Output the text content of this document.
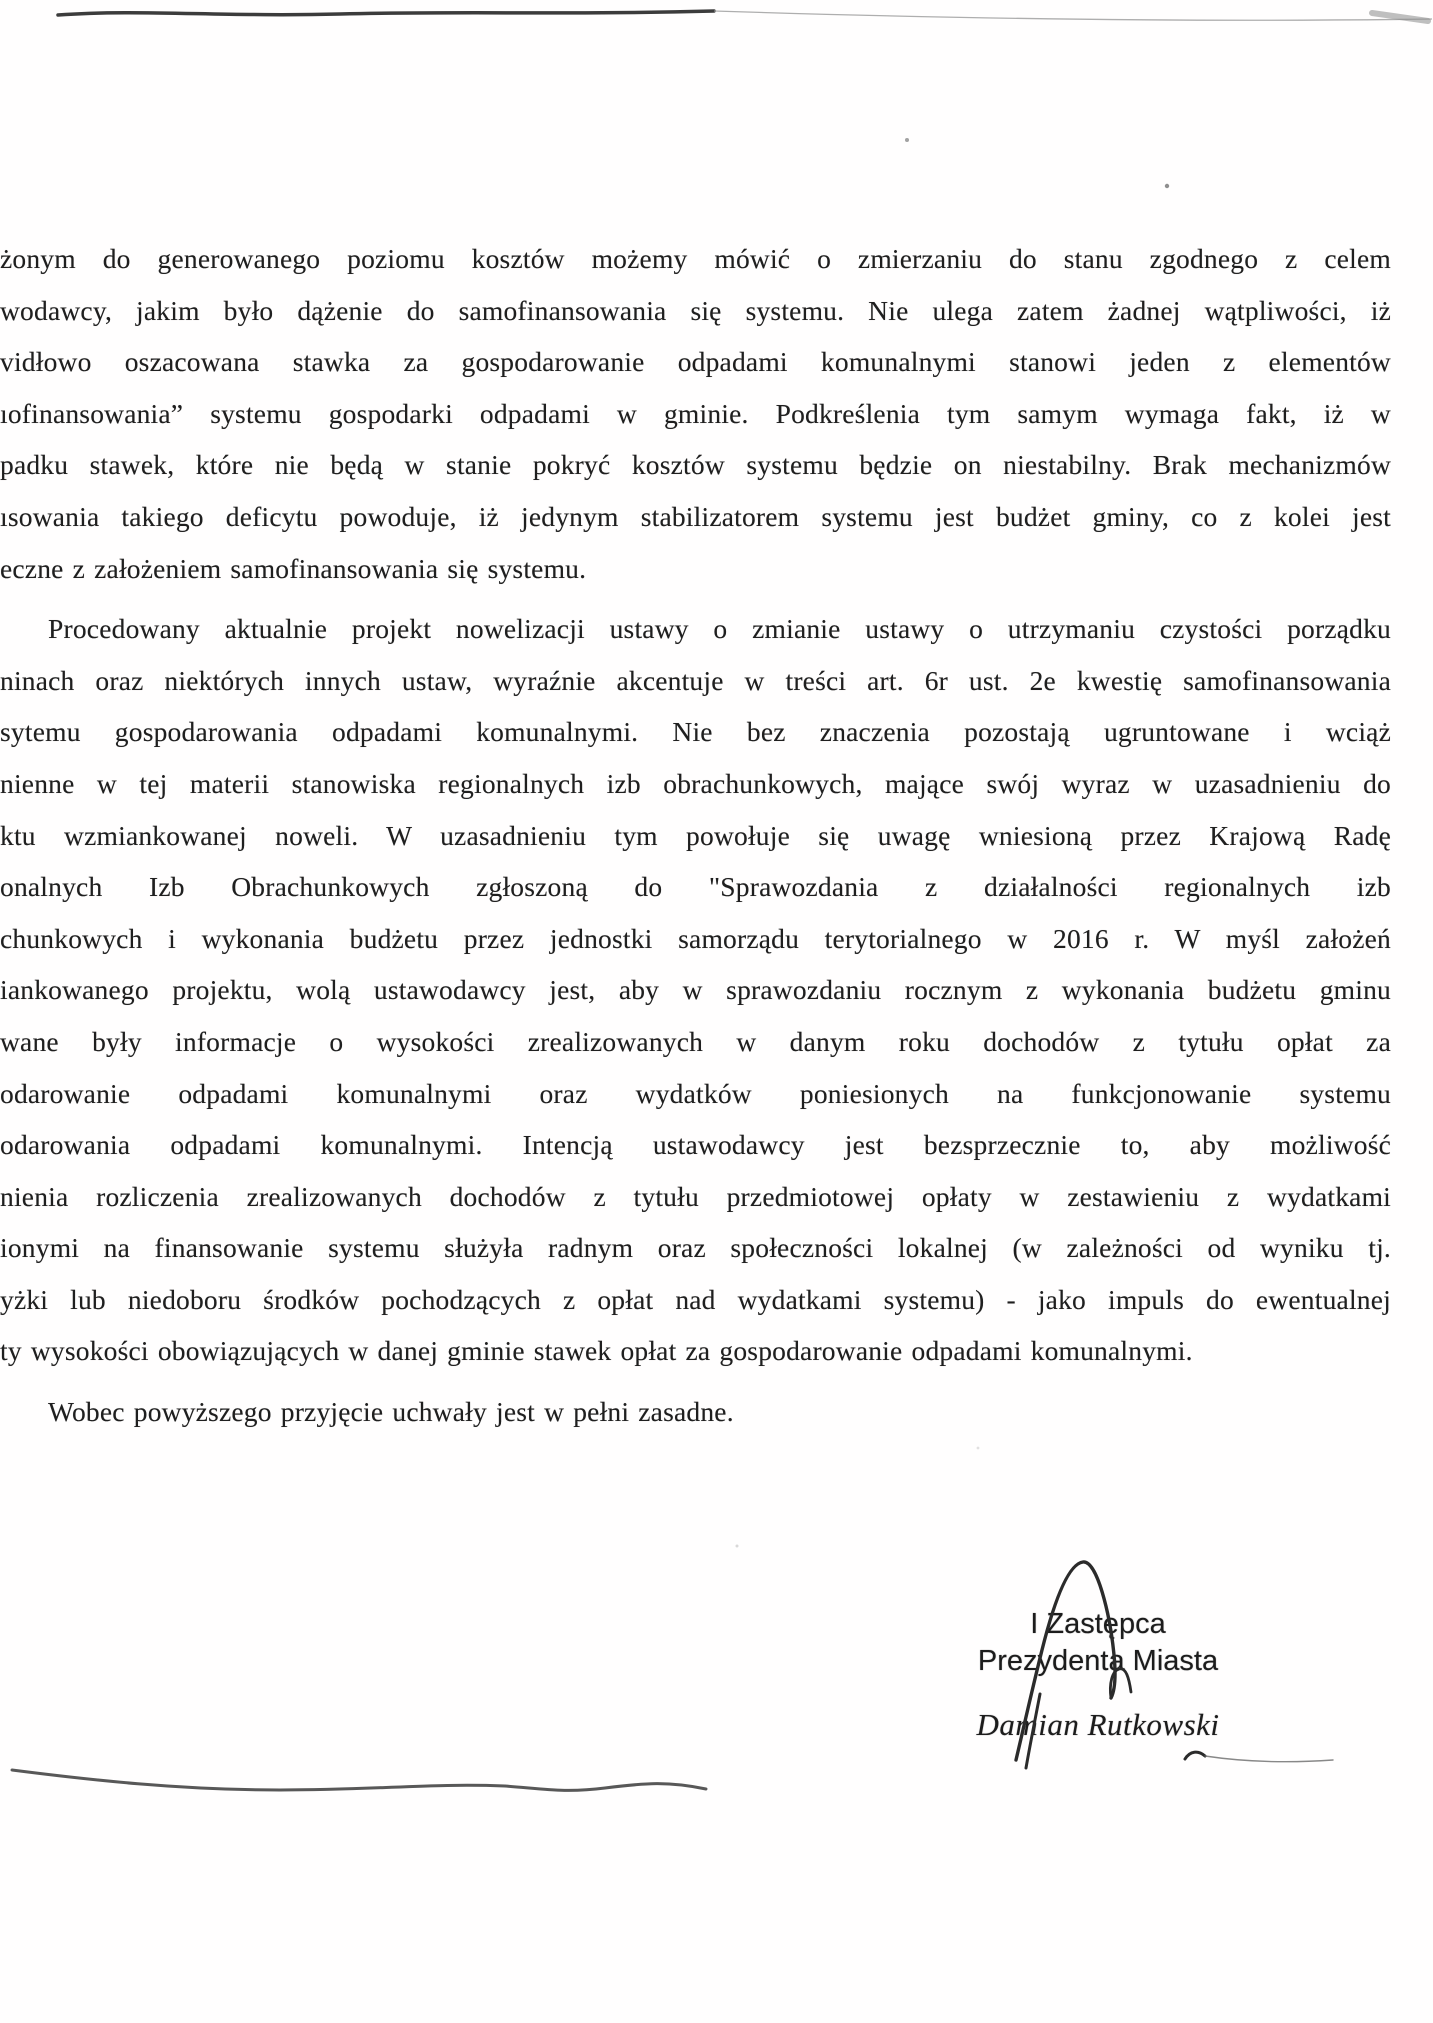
żonym do generowanego poziomu kosztów możemy mówić o zmierzaniu do stanu zgodnego z celem
wodawcy, jakim było dążenie do samofinansowania się systemu. Nie ulega zatem żadnej wątpliwości, iż
vidłowo oszacowana stawka za gospodarowanie odpadami komunalnymi stanowi jeden z elementów
ıofinansowania” systemu gospodarki odpadami w gminie. Podkreślenia tym samym wymaga fakt, iż w
padku stawek, które nie będą w stanie pokryć kosztów systemu będzie on niestabilny. Brak mechanizmów
ısowania takiego deficytu powoduje, iż jedynym stabilizatorem systemu jest budżet gminy, co z kolei jest
eczne z założeniem samofinansowania się systemu.
Procedowany aktualnie projekt nowelizacji ustawy o zmianie ustawy o utrzymaniu czystości porządku
ninach oraz niektórych innych ustaw, wyraźnie akcentuje w treści art. 6r ust. 2e kwestię samofinansowania
sytemu gospodarowania odpadami komunalnymi. Nie bez znaczenia pozostają ugruntowane i wciąż
nienne w tej materii stanowiska regionalnych izb obrachunkowych, mające swój wyraz w uzasadnieniu do
ktu wzmiankowanej noweli. W uzasadnieniu tym powołuje się uwagę wniesioną przez Krajową Radę
onalnych Izb Obrachunkowych zgłoszoną do "Sprawozdania z działalności regionalnych izb
chunkowych i wykonania budżetu przez jednostki samorządu terytorialnego w 2016 r. W myśl założeń
iankowanego projektu, wolą ustawodawcy jest, aby w sprawozdaniu rocznym z wykonania budżetu gminu
wane były informacje o wysokości zrealizowanych w danym roku dochodów z tytułu opłat za
odarowanie odpadami komunalnymi oraz wydatków poniesionych na funkcjonowanie systemu
odarowania odpadami komunalnymi. Intencją ustawodawcy jest bezsprzecznie to, aby możliwość
nienia rozliczenia zrealizowanych dochodów z tytułu przedmiotowej opłaty w zestawieniu z wydatkami
ionymi na finansowanie systemu służyła radnym oraz społeczności lokalnej (w zależności od wyniku tj.
yżki lub niedoboru środków pochodzących z opłat nad wydatkami systemu) - jako impuls do ewentualnej
ty wysokości obowiązujących w danej gminie stawek opłat za gospodarowanie odpadami komunalnymi.
Wobec powyższego przyjęcie uchwały jest w pełni zasadne.
I Zastępca
Prezydenta Miasta
Damian Rutkowski
